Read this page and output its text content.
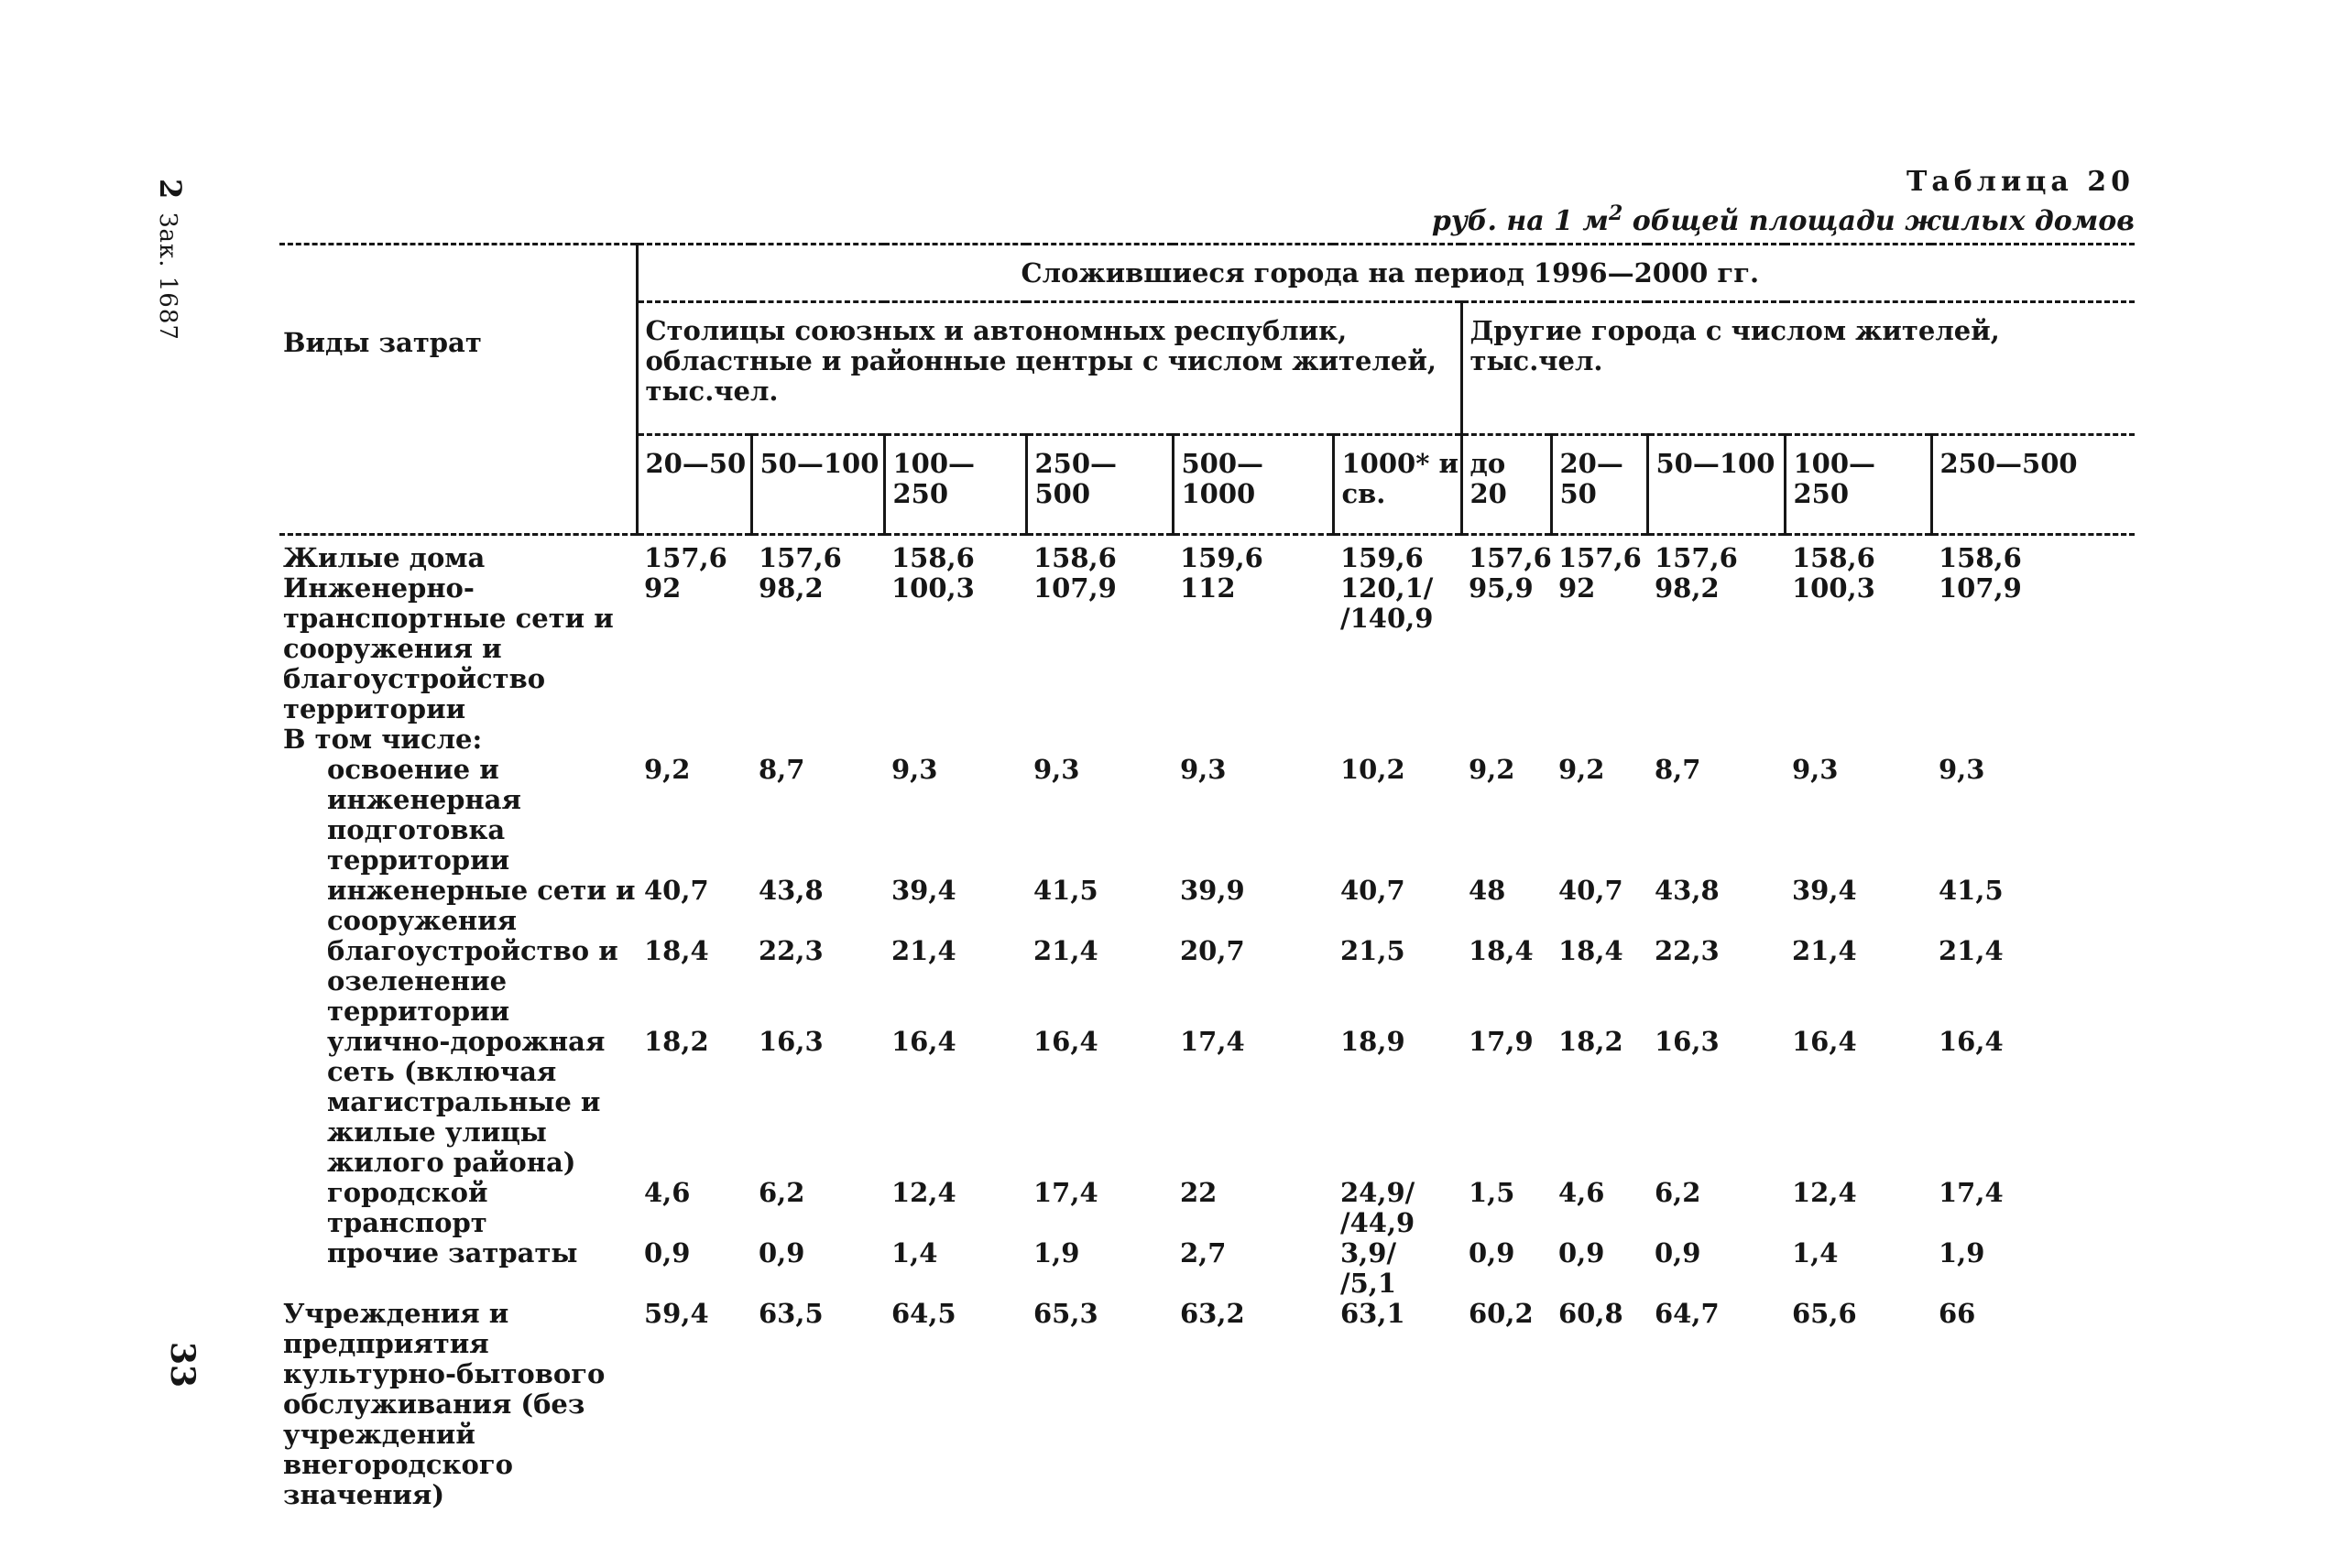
2Зак. 1687
33
Таблица 20
руб. на 1 $м^2$ общей площади жилых домов
Виды затрат	Сложившиеся города на период 1996—2000 гг.										
	Столицы союзных и автономных республик, областные и районные центры с числом жителей, тыс.чел.						Другие города с числом жителей, тыс.чел.				
	20—50	50—100	100—250	250—500	500—1000	1000* и св.	до 20	20—50	50—100	100—250	250—500
Жилые дома	157,6	157,6	158,6	158,6	159,6	159,6	157,6	157,6	157,6	158,6	158,6
Инженерно-транспортные сети и сооружения и благоустройство территории	92	98,2	100,3	107,9	112	120,1/ /140,9	95,9	92	98,2	100,3	107,9
В том числе:											
освоение и инженерная подготовка территории	9,2	8,7	9,3	9,3	9,3	10,2	9,2	9,2	8,7	9,3	9,3
инженерные сети и сооружения	40,7	43,8	39,4	41,5	39,9	40,7	48	40,7	43,8	39,4	41,5
благоустройство и озеленение территории	18,4	22,3	21,4	21,4	20,7	21,5	18,4	18,4	22,3	21,4	21,4
улично-дорожная сеть (включая магистральные и жилые улицы жилого района)	18,2	16,3	16,4	16,4	17,4	18,9	17,9	18,2	16,3	16,4	16,4
городской транспорт	4,6	6,2	12,4	17,4	22	24,9/ /44,9	1,5	4,6	6,2	12,4	17,4
прочие затраты	0,9	0,9	1,4	1,9	2,7	3,9/ /5,1	0,9	0,9	0,9	1,4	1,9
Учреждения и предприятия культурно-бытового обслуживания (без учреждений внегородского значения)	59,4	63,5	64,5	65,3	63,2	63,1	60,2	60,8	64,7	65,6	66
